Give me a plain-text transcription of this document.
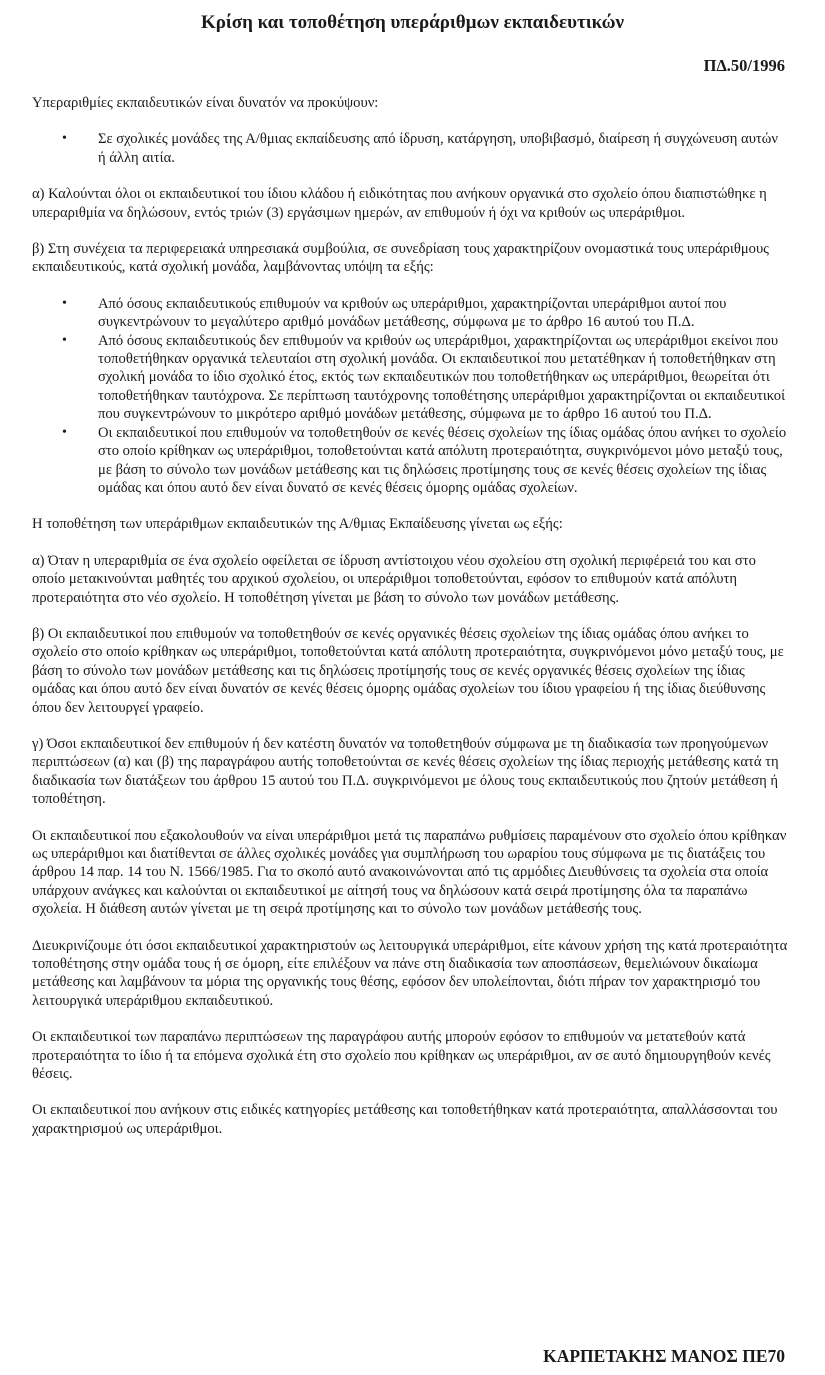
Κρίση και τοποθέτηση υπεράριθμων εκπαιδευτικών
ΠΔ.50/1996

Υπεραριθμίες εκπαιδευτικών είναι δυνατόν να προκύψουν:

• Σε σχολικές μονάδες της Α/θμιας εκπαίδευσης από ίδρυση, κατάργηση, υποβιβασμό, διαίρεση ή συγχώνευση αυτών ή άλλη αιτία.

α) Καλούνται όλοι οι εκπαιδευτικοί του ίδιου κλάδου ή ειδικότητας που ανήκουν οργανικά στο σχολείο όπου διαπιστώθηκε η υπεραριθμία να δηλώσουν, εντός τριών (3) εργάσιμων ημερών, αν επιθυμούν ή όχι να κριθούν ως υπεράριθμοι.

β) Στη συνέχεια τα περιφερειακά υπηρεσιακά συμβούλια, σε συνεδρίαση τους χαρακτηρίζουν ονομαστικά τους υπεράριθμους εκπαιδευτικούς, κατά σχολική μονάδα, λαμβάνοντας υπόψη τα εξής:

• Από όσους εκπαιδευτικούς επιθυμούν να κριθούν ως υπεράριθμοι, χαρακτηρίζονται υπεράριθμοι αυτοί που συγκεντρώνουν το μεγαλύτερο αριθμό μονάδων μετάθεσης, σύμφωνα με το άρθρο 16 αυτού του Π.Δ.
• Από όσους εκπαιδευτικούς δεν επιθυμούν να κριθούν ως υπεράριθμοι, χαρακτηρίζονται ως υπεράριθμοι εκείνοι που τοποθετήθηκαν οργανικά τελευταίοι στη σχολική μονάδα. Οι εκπαιδευτικοί που μετατέθηκαν ή τοποθετήθηκαν στη σχολική μονάδα το ίδιο σχολικό έτος, εκτός των εκπαιδευτικών που τοποθετήθηκαν ως υπεράριθμοι, θεωρείται ότι τοποθετήθηκαν ταυτόχρονα. Σε περίπτωση ταυτόχρονης τοποθέτησης υπεράριθμοι χαρακτηρίζονται οι εκπαιδευτικοί που συγκεντρώνουν το μικρότερο αριθμό μονάδων μετάθεσης, σύμφωνα με το άρθρο 16 αυτού του Π.Δ.
• Οι εκπαιδευτικοί που επιθυμούν να τοποθετηθούν σε κενές θέσεις σχολείων της ίδιας ομάδας όπου ανήκει το σχολείο στο οποίο κρίθηκαν ως υπεράριθμοι, τοποθετούνται κατά απόλυτη προτεραιότητα, συγκρινόμενοι μόνο μεταξύ τους, με βάση το σύνολο των μονάδων μετάθεσης και τις δηλώσεις προτίμησης τους σε κενές θέσεις σχολείων της ίδιας ομάδας και όπου αυτό δεν είναι δυνατό σε κενές θέσεις όμορης ομάδας σχολείων.

Η τοποθέτηση των υπεράριθμων εκπαιδευτικών της Α/θμιας Εκπαίδευσης γίνεται ως εξής:

α) Όταν η υπεραριθμία σε ένα σχολείο οφείλεται σε ίδρυση αντίστοιχου νέου σχολείου στη σχολική περιφέρειά του και στο οποίο μετακινούνται μαθητές του αρχικού σχολείου, οι υπεράριθμοι τοποθετούνται, εφόσον το επιθυμούν κατά απόλυτη προτεραιότητα στο νέο σχολείο. Η τοποθέτηση γίνεται με βάση το σύνολο των μονάδων μετάθεσης.

β) Οι εκπαιδευτικοί που επιθυμούν να τοποθετηθούν σε κενές οργανικές θέσεις σχολείων της ίδιας ομάδας όπου ανήκει το σχολείο στο οποίο κρίθηκαν ως υπεράριθμοι, τοποθετούνται κατά απόλυτη προτεραιότητα, συγκρινόμενοι μόνο μεταξύ τους, με βάση το σύνολο των μονάδων μετάθεσης και τις δηλώσεις προτίμησής τους σε κενές οργανικές θέσεις σχολείων της ίδιας ομάδας και όπου αυτό δεν είναι δυνατόν σε κενές θέσεις όμορης ομάδας σχολείων του ίδιου γραφείου ή της ίδιας διεύθυνσης όπου δεν λειτουργεί γραφείο.

γ) Όσοι εκπαιδευτικοί δεν επιθυμούν ή δεν κατέστη δυνατόν να τοποθετηθούν σύμφωνα με τη διαδικασία των προηγούμενων περιπτώσεων (α) και (β) της παραγράφου αυτής τοποθετούνται σε κενές θέσεις σχολείων της ίδιας περιοχής μετάθεσης κατά τη διαδικασία των διατάξεων του άρθρου 15 αυτού του Π.Δ. συγκρινόμενοι με όλους τους εκπαιδευτικούς που ζητούν μετάθεση ή τοποθέτηση.

Οι εκπαιδευτικοί που εξακολουθούν να είναι υπεράριθμοι μετά τις παραπάνω ρυθμίσεις παραμένουν στο σχολείο όπου κρίθηκαν ως υπεράριθμοι και διατίθενται σε άλλες σχολικές μονάδες για συμπλήρωση του ωραρίου τους σύμφωνα με τις διατάξεις του άρθρου 14 παρ. 14 του Ν. 1566/1985. Για το σκοπό αυτό ανακοινώνονται από τις αρμόδιες Διευθύνσεις τα σχολεία στα οποία υπάρχουν ανάγκες και καλούνται οι εκπαιδευτικοί με αίτησή τους να δηλώσουν κατά σειρά προτίμησης όλα τα παραπάνω σχολεία. Η διάθεση αυτών γίνεται με τη σειρά προτίμησης και το σύνολο των μονάδων μετάθεσής τους.

Διευκρινίζουμε ότι όσοι εκπαιδευτικοί χαρακτηριστούν ως λειτουργικά υπεράριθμοι, είτε κάνουν χρήση της κατά προτεραιότητα τοποθέτησης στην ομάδα τους ή σε όμορη, είτε επιλέξουν να πάνε στη διαδικασία των αποσπάσεων, θεμελιώνουν δικαίωμα μετάθεσης και λαμβάνουν τα μόρια της οργανικής τους θέσης, εφόσον δεν υπολείπονται, διότι πήραν τον χαρακτηρισμό του λειτουργικά υπεράριθμου εκπαιδευτικού.

Οι εκπαιδευτικοί των παραπάνω περιπτώσεων της παραγράφου αυτής μπορούν εφόσον το επιθυμούν να μετατεθούν κατά προτεραιότητα το ίδιο ή τα επόμενα σχολικά έτη στο σχολείο που κρίθηκαν ως υπεράριθμοι, αν σε αυτό δημιουργηθούν κενές θέσεις.

Οι εκπαιδευτικοί που ανήκουν στις ειδικές κατηγορίες μετάθεσης και τοποθετήθηκαν κατά προτεραιότητα, απαλλάσσονται του χαρακτηρισμού ως υπεράριθμοι.

ΚΑΡΠΕΤΑΚΗΣ ΜΑΝΟΣ ΠΕ70
